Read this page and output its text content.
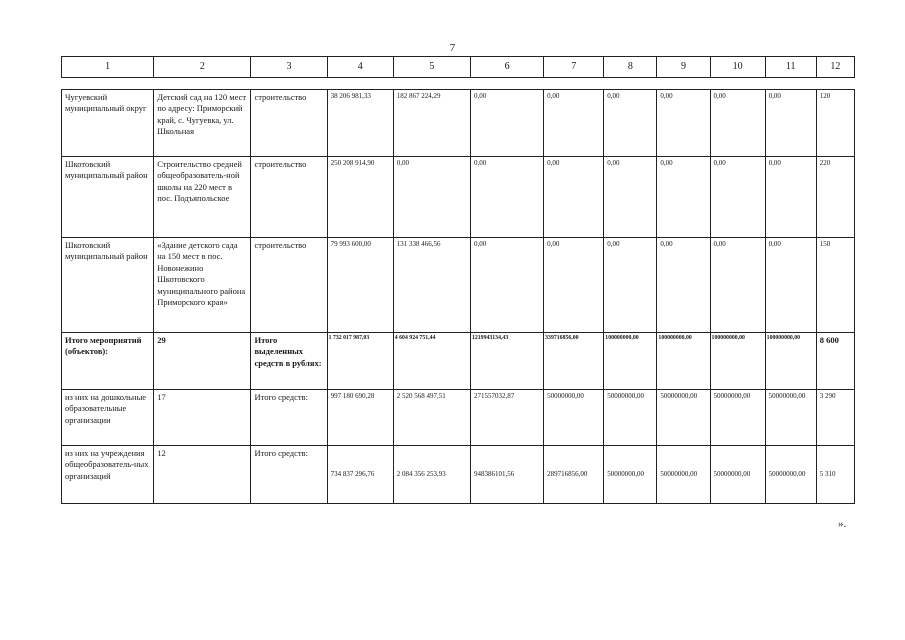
7
1	2	3	4	5	6	7	8	9	10	11	12
Чугуевский муниципальный округ	Детский сад на 120 мест по адресу: Приморский край, с. Чугуевка, ул. Школьная	строительство	38 206 981,33	182 867 224,29	0,00	0,00	0,00	0,00	0,00	0,00	120
Шкотовский муниципальный район	Строительство средней общеобразователь-ной школы на 220 мест в пос. Подъяпольское	строительство	250 208 914,90	0,00	0,00	0,00	0,00	0,00	0,00	0,00	220
Шкотовский муниципальный район	«Здание детского сада на 150 мест в пос. Новонежино Шкотовского муниципального района Приморского края»	строительство	79 993 600,00	131 338 466,56	0,00	0,00	0,00	0,00	0,00	0,00	150
Итого мероприятий (объектов):	29	Итого выделенных средств в рублях:	1 732 017 987,03	4 604 924 751,44	1219943134,43	339716856,00	100000000,00	100000000,00	100000000,00	100000000,00	8 600
из них на дошкольные образовательные организации	17	Итого средств:	997 180 690,28	2 520 568 497,51	271557032,87	50000000,00	50000000,00	50000000,00	50000000,00	50000000,00	3 290
из них на учреждения общеобразователь-ных организаций	12	Итого средств:	734 837 296,76	2 084 356 253,93	948386101,56	289716856,00	50000000,00	50000000,00	50000000,00	50000000,00	5 310
».
